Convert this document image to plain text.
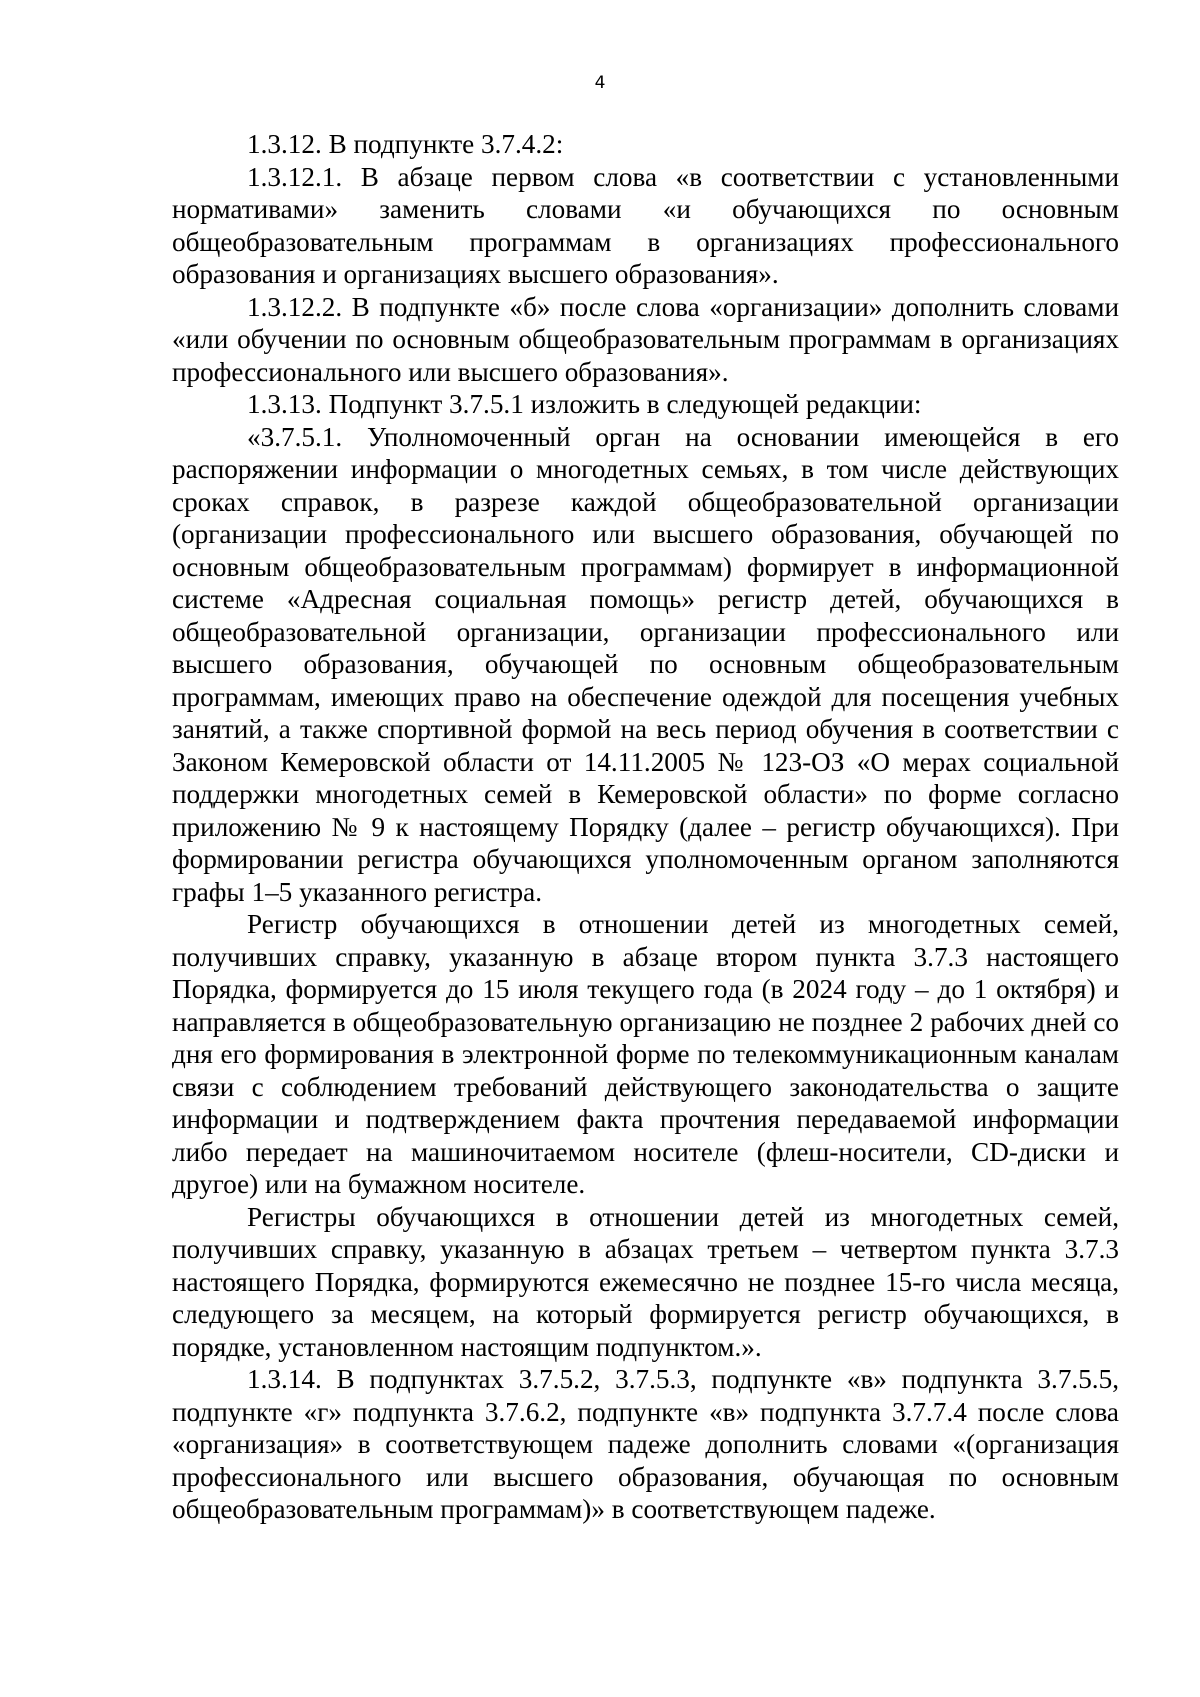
4

1.3.12. В подпункте 3.7.4.2:

1.3.12.1. В абзаце первом слова «в соответствии с установленными нормативами» заменить словами «и обучающихся по основным общеобразовательным программам в организациях профессионального образования и организациях высшего образования».

1.3.12.2. В подпункте «б» после слова «организации» дополнить словами «или обучении по основным общеобразовательным программам в организациях профессионального или высшего образования».

1.3.13. Подпункт 3.7.5.1 изложить в следующей редакции:

«3.7.5.1. Уполномоченный орган на основании имеющейся в его распоряжении информации о многодетных семьях, в том числе действующих сроках справок, в разрезе каждой общеобразовательной организации (организации профессионального или высшего образования, обучающей по основным общеобразовательным программам) формирует в информационной системе «Адресная социальная помощь» регистр детей, обучающихся в общеобразовательной организации, организации профессионального или высшего образования, обучающей по основным общеобразовательным программам, имеющих право на обеспечение одеждой для посещения учебных занятий, а также спортивной формой на весь период обучения в соответствии с Законом Кемеровской области от 14.11.2005 № 123-ОЗ «О мерах социальной поддержки многодетных семей в Кемеровской области» по форме согласно приложению № 9 к настоящему Порядку (далее – регистр обучающихся). При формировании регистра обучающихся уполномоченным органом заполняются графы 1–5 указанного регистра.

Регистр обучающихся в отношении детей из многодетных семей, получивших справку, указанную в абзаце втором пункта 3.7.3 настоящего Порядка, формируется до 15 июля текущего года (в 2024 году – до 1 октября) и направляется в общеобразовательную организацию не позднее 2 рабочих дней со дня его формирования в электронной форме по телекоммуникационным каналам связи с соблюдением требований действующего законодательства о защите информации и подтверждением факта прочтения передаваемой информации либо передает на машиночитаемом носителе (флеш-носители, CD-диски и другое) или на бумажном носителе.

Регистры обучающихся в отношении детей из многодетных семей, получивших справку, указанную в абзацах третьем – четвертом пункта 3.7.3 настоящего Порядка, формируются ежемесячно не позднее 15-го числа месяца, следующего за месяцем, на который формируется регистр обучающихся, в порядке, установленном настоящим подпунктом.».

1.3.14. В подпунктах 3.7.5.2, 3.7.5.3, подпункте «в» подпункта 3.7.5.5, подпункте «г» подпункта 3.7.6.2, подпункте «в» подпункта 3.7.7.4 после слова «организация» в соответствующем падеже дополнить словами «(организация профессионального или высшего образования, обучающая по основным общеобразовательным программам)» в соответствующем падеже.
